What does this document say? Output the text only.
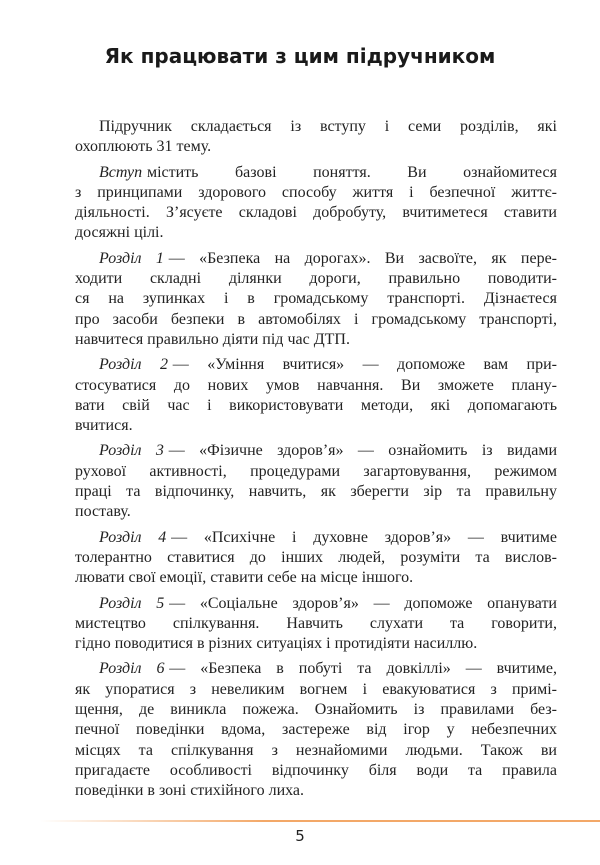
Як працювати з цим підручником
Підручник складається із вступу і семи розділів, які
охоплюють 31 тему.
Вступ містить базові поняття. Ви ознайомитеся
з принципами здорового способу життя і безпечної життє-
діяльності. З’ясуєте складові добробуту, вчитиметеся ставити
досяжні цілі.
Розділ 1 — «Безпека на дорогах». Ви засвоїте, як пере-
ходити складні ділянки дороги, правильно поводити-
ся на зупинках і в громадському транспорті. Дізнаєтеся
про засоби безпеки в автомобілях і громадському транспорті,
навчитеся правильно діяти під час ДТП.
Розділ 2 — «Уміння вчитися» — допоможе вам при-
стосуватися до нових умов навчання. Ви зможете плану-
вати свій час і використовувати методи, які допомагають
вчитися.
Розділ 3 — «Фізичне здоров’я» — ознайомить із видами
рухової активності, процедурами загартовування, режимом
праці та відпочинку, навчить, як зберегти зір та правильну
поставу.
Розділ 4 — «Психічне і духовне здоров’я» — вчитиме
толерантно ставитися до інших людей, розуміти та вислов-
лювати свої емоції, ставити себе на місце іншого.
Розділ 5 — «Соціальне здоров’я» — допоможе опанувати
мистецтво спілкування. Навчить слухати та говорити,
гідно поводитися в різних ситуаціях і протидіяти насиллю.
Розділ 6 — «Безпека в побуті та довкіллі» — вчитиме,
як упоратися з невеликим вогнем і евакуюватися з примі-
щення, де виникла пожежа. Ознайомить із правилами без-
печної поведінки вдома, застереже від ігор у небезпечних
місцях та спілкування з незнайомими людьми. Також ви
пригадаєте особливості відпочинку біля води та правила
поведінки в зоні стихійного лиха.
5
